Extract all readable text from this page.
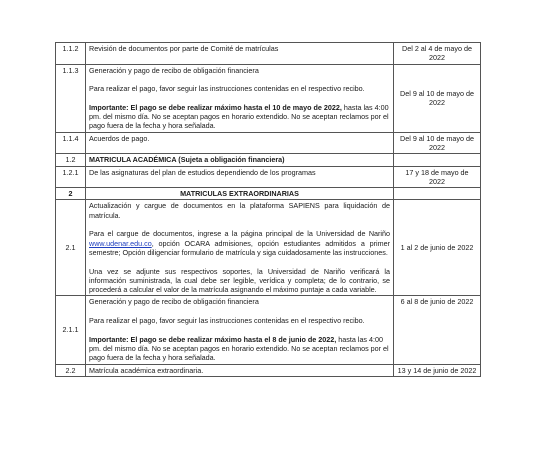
1.1.2	Revisión de documentos por parte de Comité de matrículas	Del 2 al 4 de mayo de 2022
1.1.3	Generación y pago de recibo de obligación financiera

Para realizar el pago, favor seguir las instrucciones contenidas en el respectivo recibo.

Importante: El pago se debe realizar máximo hasta el 10 de mayo de 2022, hasta las 4:00 pm. del mismo día. No se aceptan pagos en horario extendido. No se aceptan reclamos por el pago fuera de la fecha y hora señalada.	Del 9 al 10 de mayo de 2022
1.1.4	Acuerdos de pago.	Del 9 al 10 de mayo de 2022
1.2	MATRICULA ACADÉMICA (Sujeta a obligación financiera)	
1.2.1	De las asignaturas del plan de estudios dependiendo de los programas	17 y 18 de mayo de 2022
2	MATRICULAS EXTRAORDINARIAS	
2.1	Actualización y cargue de documentos en la plataforma SAPIENS para liquidación de matrícula.

Para el cargue de documentos, ingrese a la página principal de la Universidad de Nariño www.udenar.edu.co, opción OCARA admisiones, opción estudiantes admitidos a primer semestre; Opción diligenciar formulario de matrícula y siga cuidadosamente las instrucciones.

Una vez se adjunte sus respectivos soportes, la Universidad de Nariño verificará la información suministrada, la cual debe ser legible, verídica y completa; de lo contrario, se procederá a calcular el valor de la matrícula asignando el máximo puntaje a cada variable.	1 al 2 de junio de 2022
2.1.1	Generación y pago de recibo de obligación financiera

Para realizar el pago, favor seguir las instrucciones contenidas en el respectivo recibo.

Importante: El pago se debe realizar máximo hasta el 8 de junio de 2022, hasta las 4:00 pm. del mismo día. No se aceptan pagos en horario extendido. No se aceptan reclamos por el pago fuera de la fecha y hora señalada.	6 al 8 de junio de 2022
2.2	Matrícula académica extraordinaria.	13 y 14 de junio de 2022
